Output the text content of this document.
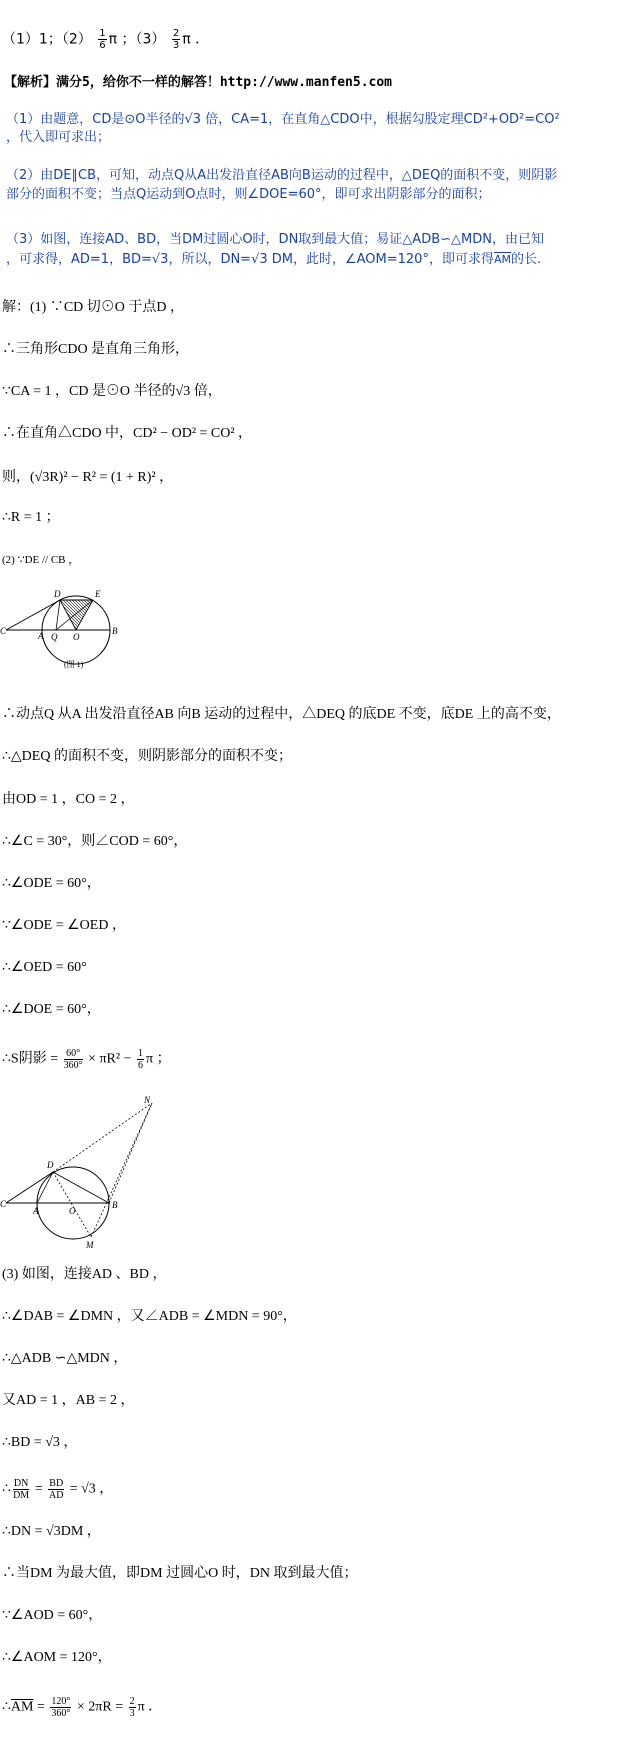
（1）1；$(2) \frac{1}{6}$ π ；$(3) \frac{2}{3}$ π ．
【解析】满分5，给你不一样的解答！http://www.manfen5.com
（1）由题意，CD是⊙O半径的√3 倍，CA=1，在直角△CDO中，根据勾股定理CD²+OD²=CO²
，代入即可求出；
（2）由DE∥CB，可知，动点Q从A出发沿直径AB向B运动的过程中，△DEQ的面积不变，则阴影
部分的面积不变；当点Q运动到O点时，则∠DOE=60°，即可求出阴影部分的面积；
（3）如图，连接AD、BD，当DM过圆心O时，DN取到最大值；易证△ADB∽△MDN，由已知
，可求得，AD=1，BD=√3，所以，DN=√3 DM，此时，∠AOM=120°，即可求得$\overline{AM}$的长.
解：(1) ∵CD 切⊙O 于点D ，
∴三角形CDO 是直角三角形，
∵CA = 1 ，CD 是⊙O 半径的√3 倍，
∴在直角△CDO 中，CD² − OD² = CO² ，
则，(√3R)² − R² = (1 + R)² ，
∴R = 1 ；
(2) ∵DE // CB ，
C	A Q O
B
D	E
(图 1)
∴动点Q 从A 出发沿直径AB 向B 运动的过程中，△DEQ 的底DE 不变，底DE 上的高不变，
∴△DEQ 的面积不变，则阴影部分的面积不变；
由OD = 1 ，CO = 2 ，
∴∠C = 30°，则∠COD = 60°，
∴∠ODE = 60°，
∵∠ODE = ∠OED ，
∴∠OED = 60°
∴∠DOE = 60°，
∴S阴影 = $\frac{60^\circ}{360^\circ} \times \pi R^2 - \frac{1}{6}$ π ；
C
A	O
B
D
M
N
(3) 如图，连接AD 、BD ，
∴∠DAB = ∠DMN ，又∠ADB = ∠MDN = 90°，
∴△ADB ∽△MDN ，
又AD = 1 ，AB = 2 ，
∴BD = √3 ，
∴ $\frac{DN}{DM} = \frac{BD}{AD} = √3$ ，
∴DN = √3DM ，
∴当DM 为最大值，即DM 过圆心O 时，DN 取到最大值；
∵∠AOD = 60°，
∴∠AOM = 120°，
$\therefore\overline{AM} = \frac{120^\circ}{360^\circ} \times 2\pi R = \frac{2}{3}$ π ．
